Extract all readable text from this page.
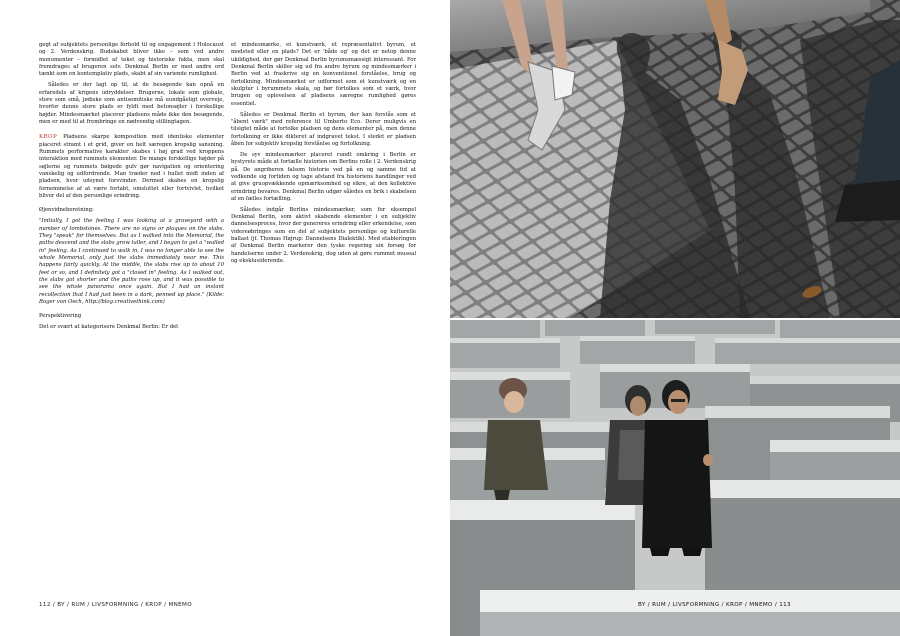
gegt af subjektets personlige forhold til og engagement i Holocaust og 2. Verdenskrig. Budskabet bliver ikke – som ved andre monumenter – formidlet af tekst og historiske fakta, men skal fremdrages af brugeren selv. Denkmal Berlin er med andre ord tænkt som en kontemplativ plads, skabt af sin variende rumlighed.

Således er der lagt op til, at de besøgende kan opnå en erfaredels af krigens udryddelser. Brugerne, lokale som globale, store som små, jødiske som antisemitiske må uundgåeligt overveje, hvorfor denne store plads er fyldt med betonsøjler i forskellige højder. Mindesmærket placerer pladsens måde ikke den besøgende, men er med til at frembringe en nødvendig stillingtagen.

KROP Pladsens skarpe komposition med identiske elementer placeret stramt i et grid, giver en helt særegen kropslig sansning. Rummets performative karakter skabes i høj grad ved kroppens interaktion med rummets elementer. De mange forskellige højder på søjlerne og rummets bølgede gulv gør navigation og orientering vanskelig og udfordrende. Man træder ned i hullet midt inden af pladsen, hvor udsynet forsvinder. Dermed skabes en kropslig fornemmelse af at være fortabt, omsluttet eller fortvivlet, hvilket bliver del af den personlige erindring.

Øjenvidneberetning:

"Initially, I got the feeling I was looking at a graveyard with a number of tombstones. There are no signs or plaques on the slabs. They "speak" for themselves. But as I walked into the Memorial, the paths descend and the slabs grow taller, and I began to get a "walled in" feeling. As I continued to walk in, I was no longer able to see the whole Memorial, only just the slabs immediately near me. This happens fairly quickly. At the middle, the slabs rise up to about 10 feet or so, and I definitely got a "closed in" feeling. As I walked out, the slabs got shorter and the paths rose up, and it was possible to see the whole panorama once again. But I had an instant recollection that I had just been in a dark, penned up place." (Kilde: Roger von Oech, http://blog.creativethink.com)

Perspektivering

Det er svært at kategorisere Denkmal Berlin: Er det

et mindesmærke, et kunstværk, et repræsentativt byrum, et modsted eller en plads? Det er 'både og' og det er netop denne ukildighed, der gør Denkmal Berlin byrumsmæssigt interessant. For Denkmal Berlin skiller sig ud fra andre byrum og mindesmærker i Berlin ved at fraskrive sig en konventionel forståelse, brug og fortolkning. Mindesmærket er udformet som et kunstværk og en skulptur i byrummets skala, og bør fortolkes som et værk, hvor brugen og oplevelsen af pladsens særegne rumlighed gøres essentiel.

Således er Denkmal Berlin et byrum, der kan forstås som et "åbent værk" med reference til Umberto Eco. Derer muligvis en tilsigtet måde at fortolke pladsen og dens elementer på, men denne fortolkning er ikke dikteret af indgravet tekst. I stedet er pladsen åben for subjektiv kropslig forståelse og fortolkning.

De syv mindesmærker placeret rundt omkring i Berlin er bystyrets måde at fortælle historien om Berlins rolle i 2. Verdenskrig på. De angriberen falsom historie ved på en og samme tid at vedkende sig fortiden og tage afstand fra historiens handlinger ved at give gruopvækkende opmærksomhed og sikre, at den kollektive erindring bevares. Denkmal Berlin udgør således en brik i skabelsen af en fælles fortælling.

Således indgår Berlins mindesmærker, som for eksempel Denkmal Berlin, som aktivt skabende elementer i en subjektiv dannelsesproces, hvor der genereres erindring eller erkendelse, som videreøbringes som en del af subjektets personlige og kulturelle ballast (jf. Thomas Højrup: Dannelsens Dialektik). Med etableringen af Denkmal Berlin markerer den tyske regering sin forsøg for handelserne under 2. Verdenskrig, dog uden at gøre rummet museal og eksklusiderende.

112 / BY / RUM / LIVSFORMNING / KROP / MNEMO	BY / RUM / LIVSFORMNING / KROP / MNEMO / 113
